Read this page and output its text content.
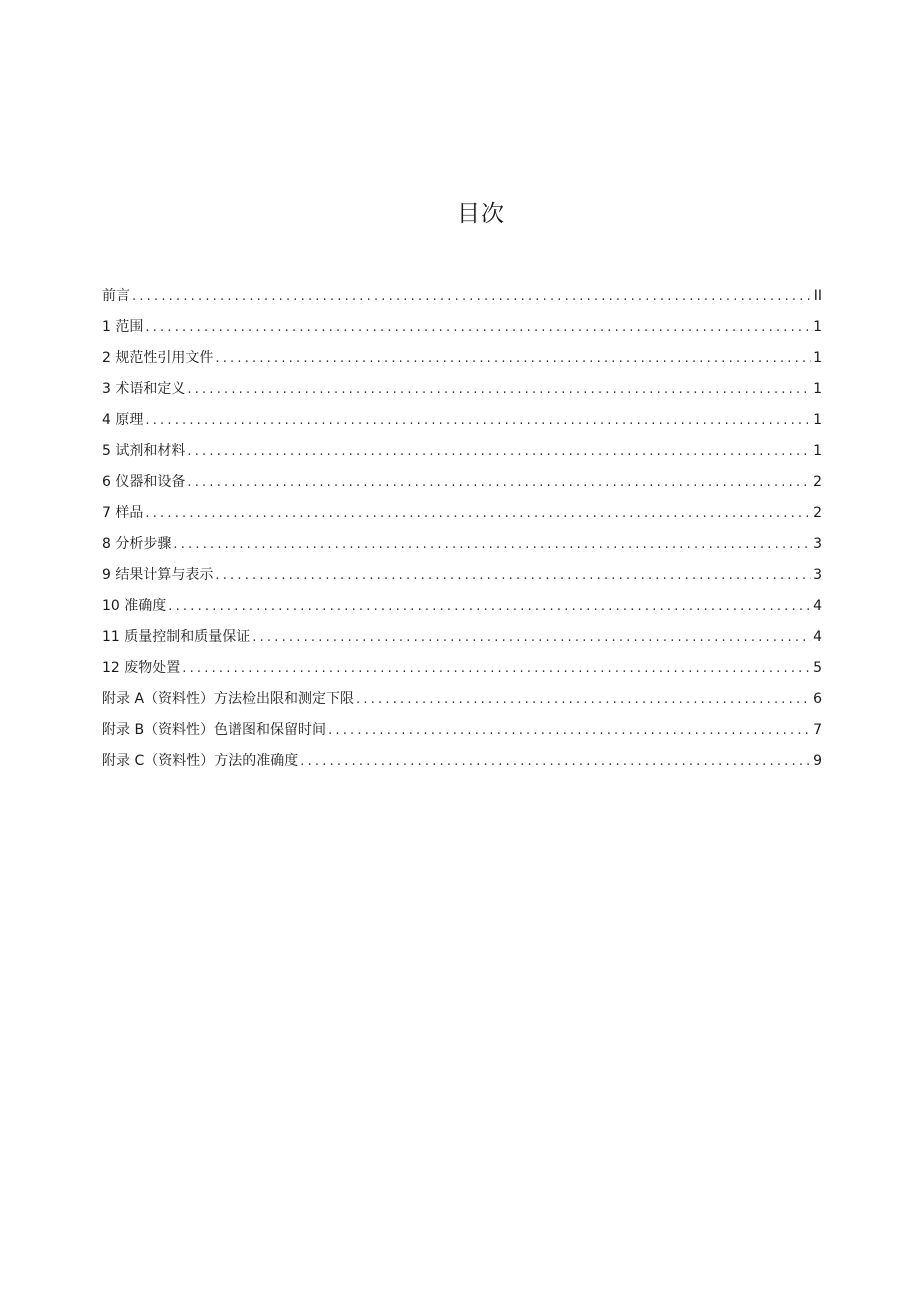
目次
前言 .....	II
1 范围 .....	1
2 规范性引用文件 .....	1
3 术语和定义 .....	1
4 原理 .....	1
5 试剂和材料 .....	1
6 仪器和设备 .....	2
7 样品 .....	2
8 分析步骤 .....	3
9 结果计算与表示 .....	3
10 准确度 .....	4
11 质量控制和质量保证 .....	4
12 废物处置 .....	5
附录 A（资料性）方法检出限和测定下限 .....	6
附录 B（资料性）色谱图和保留时间 .....	7
附录 C（资料性）方法的准确度 .....	9
